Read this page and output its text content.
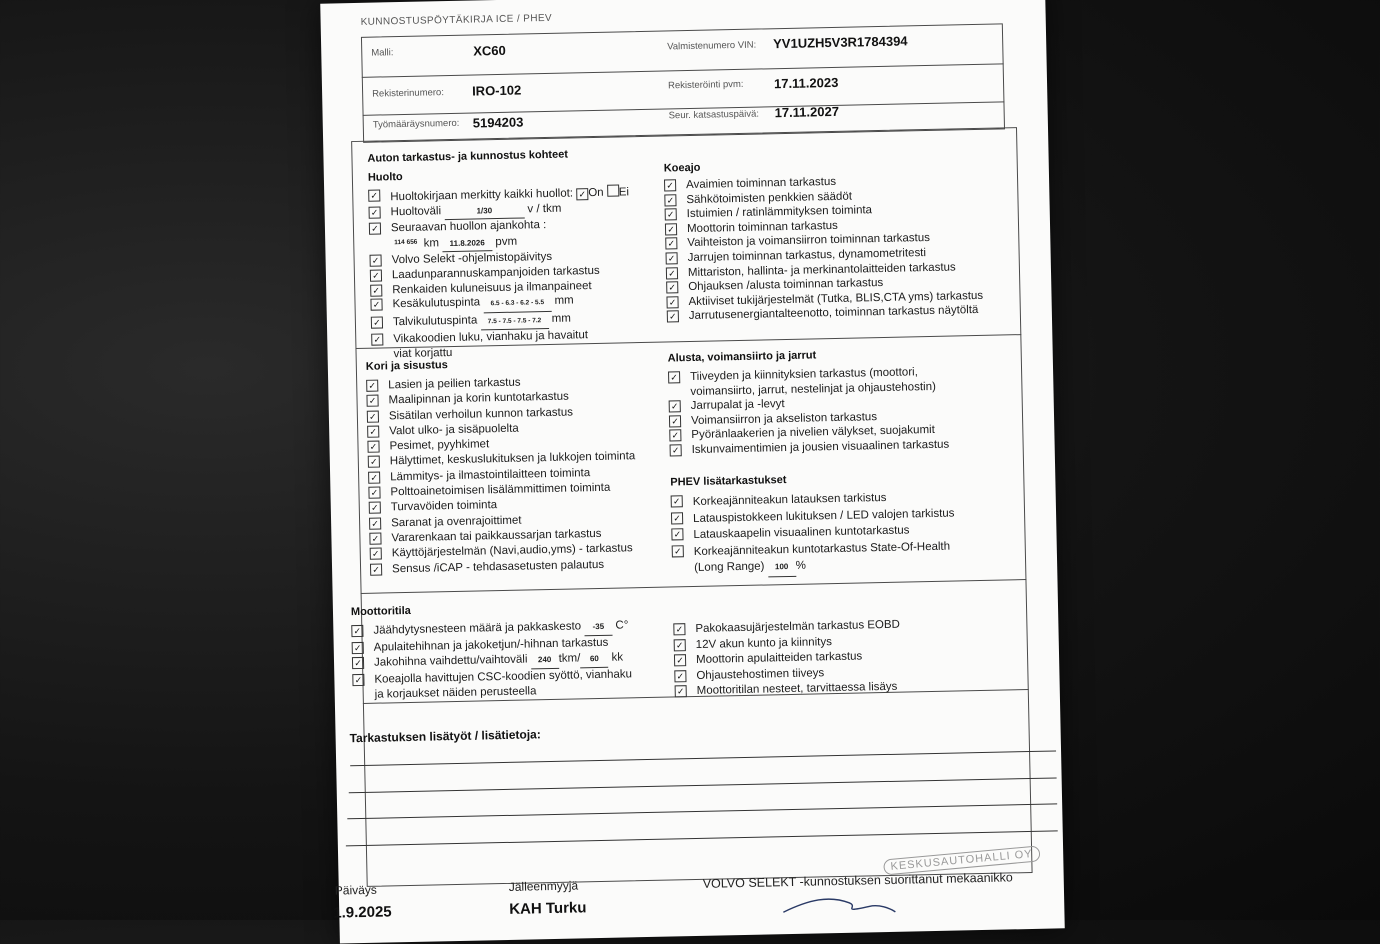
KUNNOSTUSPÖYTÄKIRJA ICE / PHEV
Malli:	XC60	Valmistenumero VIN: YV1UZH5V3R1784394
Rekisterinumero: IRO-102	Rekisteröinti pvm: 17.11.2023
Työmääräysnumero: 5194203	Seur. katsastuspäivä: 17.11.2027
Auton tarkastus- ja kunnostus kohteet
Huolto
✓ Huoltokirjaan merkitty kaikki huollot: ✓ On Ei
✓ Huoltoväli	1/30	v / tkm
✓ Seuraavan huollon ajankohta :
114 656 km 11.8.2026 pvm
✓ Volvo Selekt -ohjelmistopäivitys
✓ Laadunparannuskampanjoiden tarkastus
✓ Renkaiden kuluneisuus ja ilmanpaineet
✓ Kesäkulutuspinta 6.5 - 6.3 - 6.2 - 5.5 mm
✓ Talvikulutuspinta 7.5 - 7.5 - 7.5 - 7.2 mm
✓ Vikakoodien luku, vianhaku ja havaitut
viat korjattu
Koeajo
✓ Avaimien toiminnan tarkastus
✓ Sähkötoimisten penkkien säädöt
✓ Istuimien / ratinlämmityksen toiminta
✓ Moottorin toiminnan tarkastus
✓ Vaihteiston ja voimansiirron toiminnan tarkastus
✓ Jarrujen toiminnan tarkastus, dynamometritesti
✓ Mittariston, hallinta- ja merkinantolaitteiden tarkastus
✓ Ohjauksen /alusta toiminnan tarkastus
✓ Aktiiviset tukijärjestelmät (Tutka, BLIS,CTA yms) tarkastus
✓ Jarrutusenergiantalteenotto, toiminnan tarkastus näytöltä
Kori ja sisustus
✓ Lasien ja peilien tarkastus
✓ Maalipinnan ja korin kuntotarkastus
✓ Sisätilan verhoilun kunnon tarkastus
✓ Valot ulko- ja sisäpuolelta
✓ Pesimet, pyyhkimet
✓ Hälyttimet, keskuslukituksen ja lukkojen toiminta
✓ Lämmitys- ja ilmastointilaitteen toiminta
✓ Polttoainetoimisen lisälämmittimen toiminta
✓ Turvavöiden toiminta
✓ Saranat ja ovenrajoittimet
✓ Vararenkaan tai paikkaussarjan tarkastus
✓ Käyttöjärjestelmän (Navi,audio,yms) - tarkastus
✓ Sensus /iCAP - tehdasasetusten palautus
Alusta, voimansiirto ja jarrut
✓ Tiiveyden ja kiinnityksien tarkastus (moottori,
voimansiirto, jarrut, nestelinjat ja ohjaustehostin)
✓ Jarrupalat ja -levyt
✓ Voimansiirron ja akseliston tarkastus
✓ Pyöränlaakerien ja nivelien välykset, suojakumit
✓ Iskunvaimentimien ja jousien visuaalinen tarkastus
PHEV lisätarkastukset
✓ Korkeajänniteakun latauksen tarkistus
✓ Latauspistokkeen lukituksen / LED valojen tarkistus
✓ Latauskaapelin visuaalinen kuntotarkastus
✓ Korkeajänniteakun kuntotarkastus State-Of-Health
(Long Range) 100 %
Moottoritila
✓ Jäähdytysnesteen määrä ja pakkaskesto -35 C°
✓ Apulaitehihnan ja jakoketjun/-hihnan tarkastus
✓ Jakohihna vaihdettu/vaihtoväli 240 tkm/ 60 kk
✓ Koeajolla havittujen CSC-koodien syöttö, vianhaku
ja korjaukset näiden perusteella
✓ Pakokaasujärjestelmän tarkastus EOBD
✓ 12V akun kunto ja kiinnitys
✓ Moottorin apulaitteiden tarkastus
✓ Ohjaustehostimen tiiveys
✓ Moottoritilan nesteet, tarvittaessa lisäys
Tarkastuksen lisätyöt / lisätietoja:
Päiväys
1.9.2025
Jälleenmyyjä
KAH Turku
VOLVO SELEKT -kunnostuksen suorittanut mekaanikko
KESKUSAUTOHALLI OY
